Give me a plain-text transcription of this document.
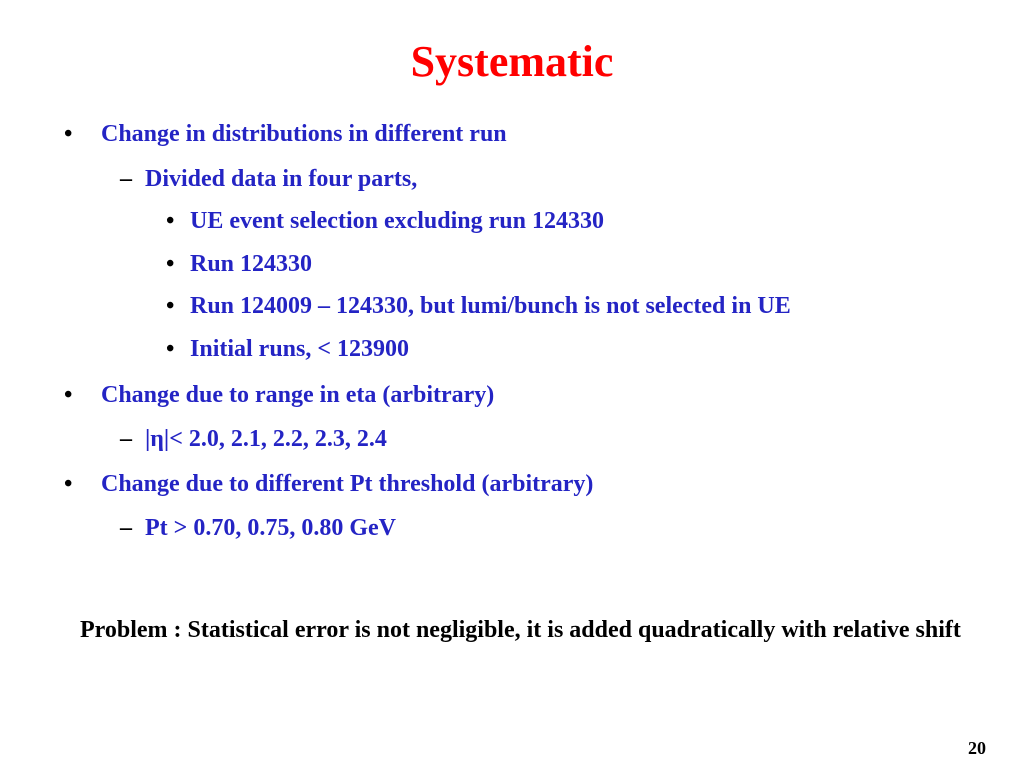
Systematic
• Change in distributions in different run
– Divided data in four parts,
• UE event selection excluding run 124330
• Run 124330
• Run 124009 – 124330, but lumi/bunch is not selected in UE
• Initial runs, < 123900
• Change due to range in eta (arbitrary)
– |η|< 2.0, 2.1, 2.2, 2.3, 2.4
• Change due to different Pt threshold (arbitrary)
– Pt > 0.70, 0.75, 0.80 GeV
Problem : Statistical error is not negligible, it is added quadratically with relative shift
20
